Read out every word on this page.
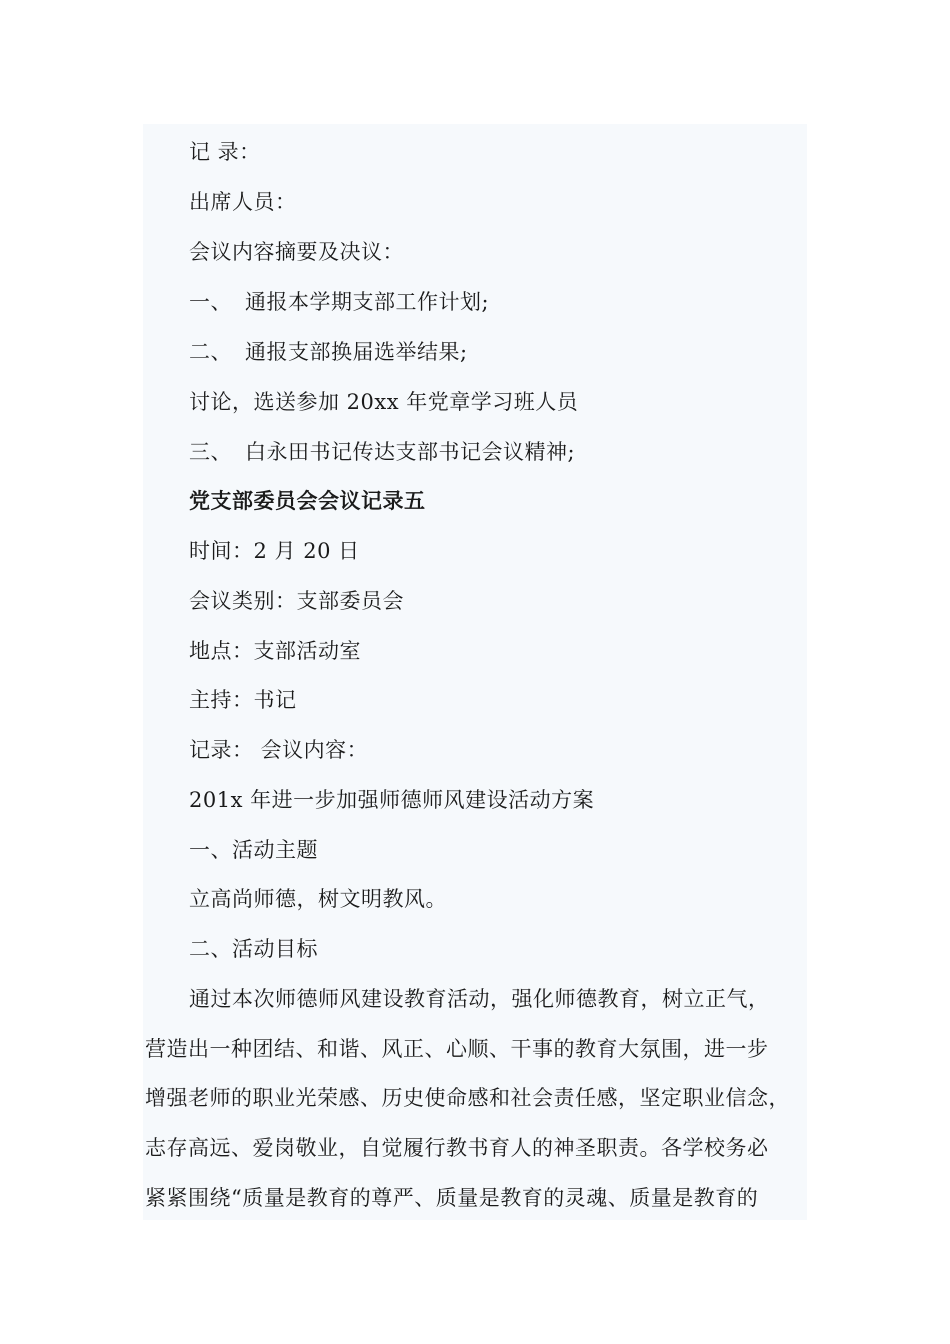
记 录：
出席人员：
会议内容摘要及决议：
一、 通报本学期支部工作计划;
二、 通报支部换届选举结果;
讨论，选送参加 20xx 年党章学习班人员
三、 白永田书记传达支部书记会议精神;
党支部委员会会议记录五
时间：2 月 20 日
会议类别：支部委员会
地点：支部活动室
主持：书记
记录： 会议内容：
201x 年进一步加强师德师风建设活动方案
一、活动主题
立高尚师德，树文明教风。
二、活动目标
通过本次师德师风建设教育活动，强化师德教育，树立正气，
营造出一种团结、和谐、风正、心顺、干事的教育大氛围，进一步
增强老师的职业光荣感、历史使命感和社会责任感，坚定职业信念，
志存高远、爱岗敬业，自觉履行教书育人的神圣职责。各学校务必
紧紧围绕“质量是教育的尊严、质量是教育的灵魂、质量是教育的
